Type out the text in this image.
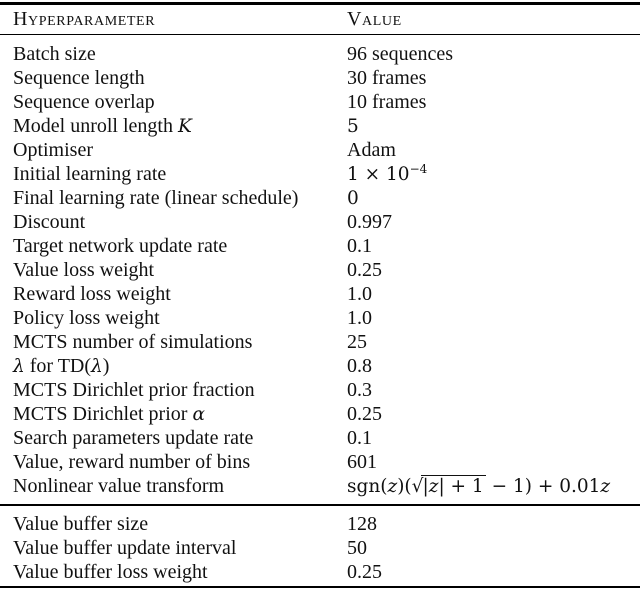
Hyperparameter	Value
Batch size	96 sequences
Sequence length	30 frames
Sequence overlap	10 frames
Model unroll length K	5
Optimiser	Adam
Initial learning rate	$1 \times 10^{-4}$
Final learning rate (linear schedule)	0
Discount	0.997
Target network update rate	0.1
Value loss weight	0.25
Reward loss weight	1.0
Policy loss weight	1.0
MCTS number of simulations	25
λ for TD(λ)	0.8
MCTS Dirichlet prior fraction	0.3
MCTS Dirichlet prior α	0.25
Search parameters update rate	0.1
Value, reward number of bins	601
Nonlinear value transform	sgn(z)(√|z| + 1 − 1) + 0.01z
Value buffer size	128
Value buffer update interval	50
Value buffer loss weight	0.25
